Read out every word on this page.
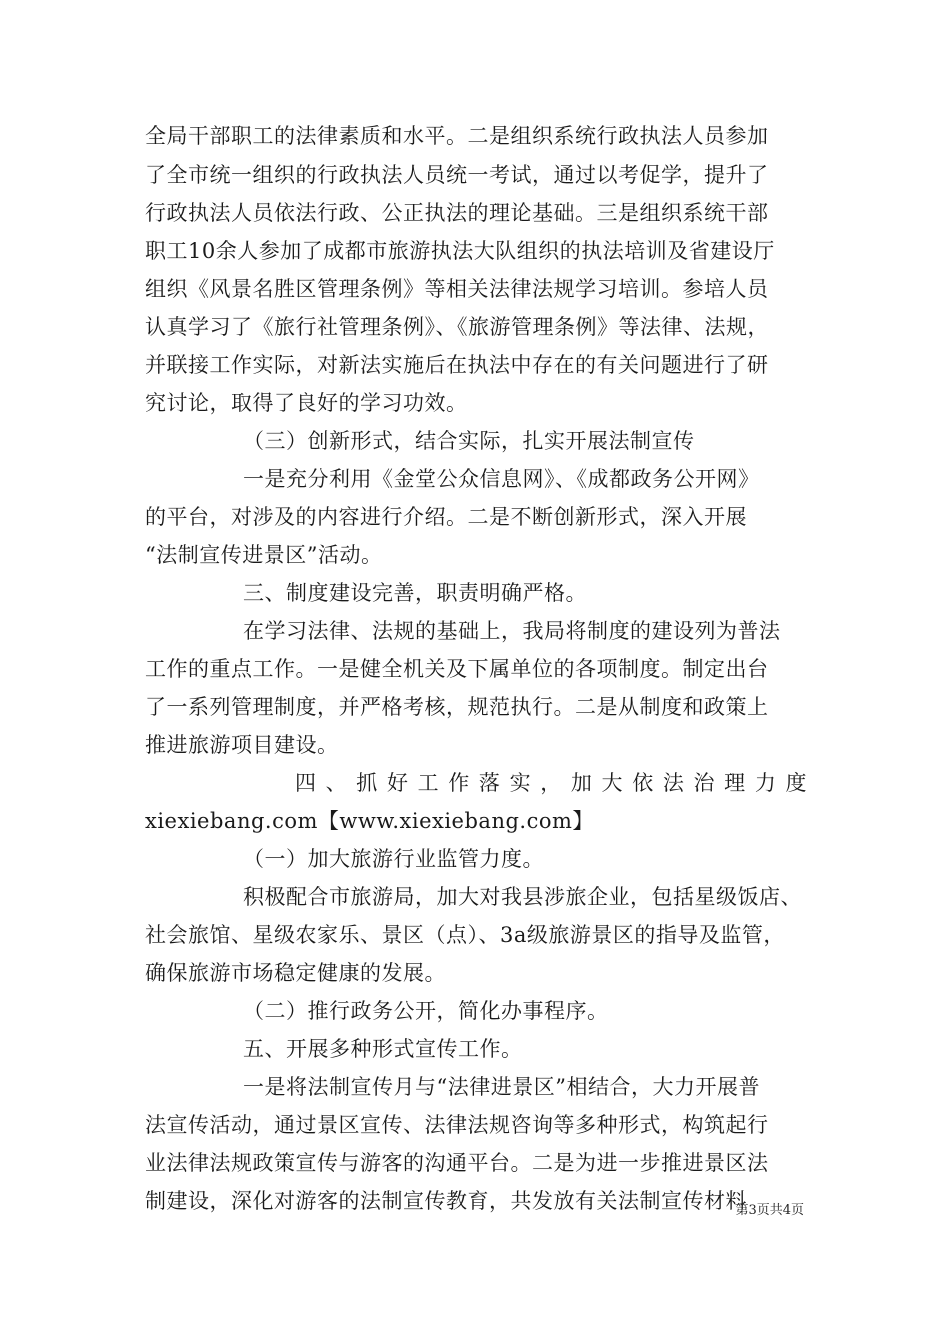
全局干部职工的法律素质和水平。二是组织系统行政执法人员参加
了全市统一组织的行政执法人员统一考试，通过以考促学，提升了
行政执法人员依法行政、公正执法的理论基础。三是组织系统干部
职工10余人参加了成都市旅游执法大队组织的执法培训及省建设厅
组织《风景名胜区管理条例》等相关法律法规学习培训。参培人员
认真学习了《旅行社管理条例》、《旅游管理条例》等法律、法规，
并联接工作实际，对新法实施后在执法中存在的有关问题进行了研
究讨论，取得了良好的学习功效。
（三）创新形式，结合实际，扎实开展法制宣传
一是充分利用《金堂公众信息网》、《成都政务公开网》
的平台，对涉及的内容进行介绍。二是不断创新形式，深入开展
“法制宣传进景区”活动。
三、制度建设完善，职责明确严格。
在学习法律、法规的基础上，我局将制度的建设列为普法
工作的重点工作。一是健全机关及下属单位的各项制度。制定出台
了一系列管理制度，并严格考核，规范执行。二是从制度和政策上
推进旅游项目建设。
四、抓好工作落实，加大依法治理力度
xiexiebang.com【www.xiexiebang.com】
（一）加大旅游行业监管力度。
积极配合市旅游局，加大对我县涉旅企业，包括星级饭店、
社会旅馆、星级农家乐、景区（点）、3a级旅游景区的指导及监管，
确保旅游市场稳定健康的发展。
（二）推行政务公开，简化办事程序。
五、开展多种形式宣传工作。
一是将法制宣传月与“法律进景区”相结合，大力开展普
法宣传活动，通过景区宣传、法律法规咨询等多种形式，构筑起行
业法律法规政策宣传与游客的沟通平台。二是为进一步推进景区法
制建设，深化对游客的法制宣传教育，共发放有关法制宣传材料
第3页共4页
